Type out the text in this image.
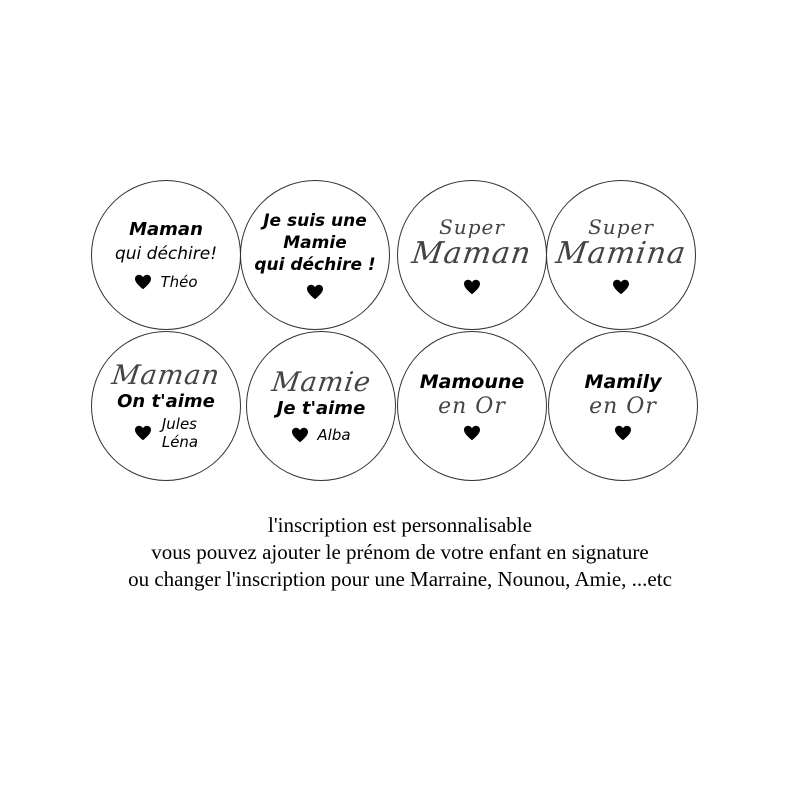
Maman

qui déchire!

Théo

Je suis une

Mamie

qui déchire !

Super

Maman

Super

Mamina

Maman

On t'aime

Jules
Léna

Mamie

Je t'aime

Alba

Mamoune

en Or

Mamily

en Or

l'inscription est personnalisable
vous pouvez ajouter le prénom de votre enfant en signature
ou changer l'inscription pour une Marraine, Nounou, Amie, ...etc
